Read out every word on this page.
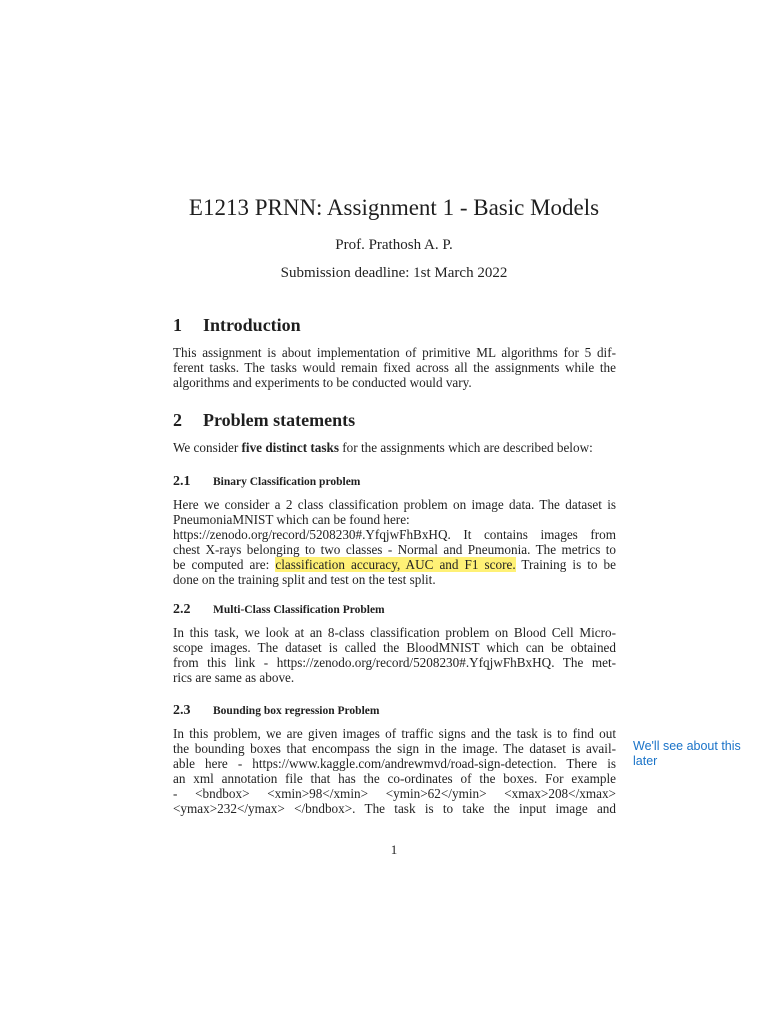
E1213 PRNN: Assignment 1 - Basic Models
Prof. Prathosh A. P.
Submission deadline: 1st March 2022
1 Introduction
This assignment is about implementation of primitive ML algorithms for 5 dif-
ferent tasks. The tasks would remain fixed across all the assignments while the
algorithms and experiments to be conducted would vary.
2 Problem statements
We consider five distinct tasks for the assignments which are described below:
2.1 Binary Classification problem
Here we consider a 2 class classification problem on image data. The dataset is
PneumoniaMNIST which can be found here:
https://zenodo.org/record/5208230#.YfqjwFhBxHQ. It contains images from
chest X-rays belonging to two classes - Normal and Pneumonia. The metrics to
be computed are: classification accuracy, AUC and F1 score. Training is to be
done on the training split and test on the test split.
2.2 Multi-Class Classification Problem
In this task, we look at an 8-class classification problem on Blood Cell Micro-
scope images. The dataset is called the BloodMNIST which can be obtained
from this link - https://zenodo.org/record/5208230#.YfqjwFhBxHQ. The met-
rics are same as above.
2.3 Bounding box regression Problem
In this problem, we are given images of traffic signs and the task is to find out
the bounding boxes that encompass the sign in the image. The dataset is avail-
able here - https://www.kaggle.com/andrewmvd/road-sign-detection. There is
an xml annotation file that has the co-ordinates of the boxes. For example
- <bndbox> <xmin>98</xmin> <ymin>62</ymin> <xmax>208</xmax>
<ymax>232</ymax> </bndbox>. The task is to take the input image and
We'll see about this later
1
